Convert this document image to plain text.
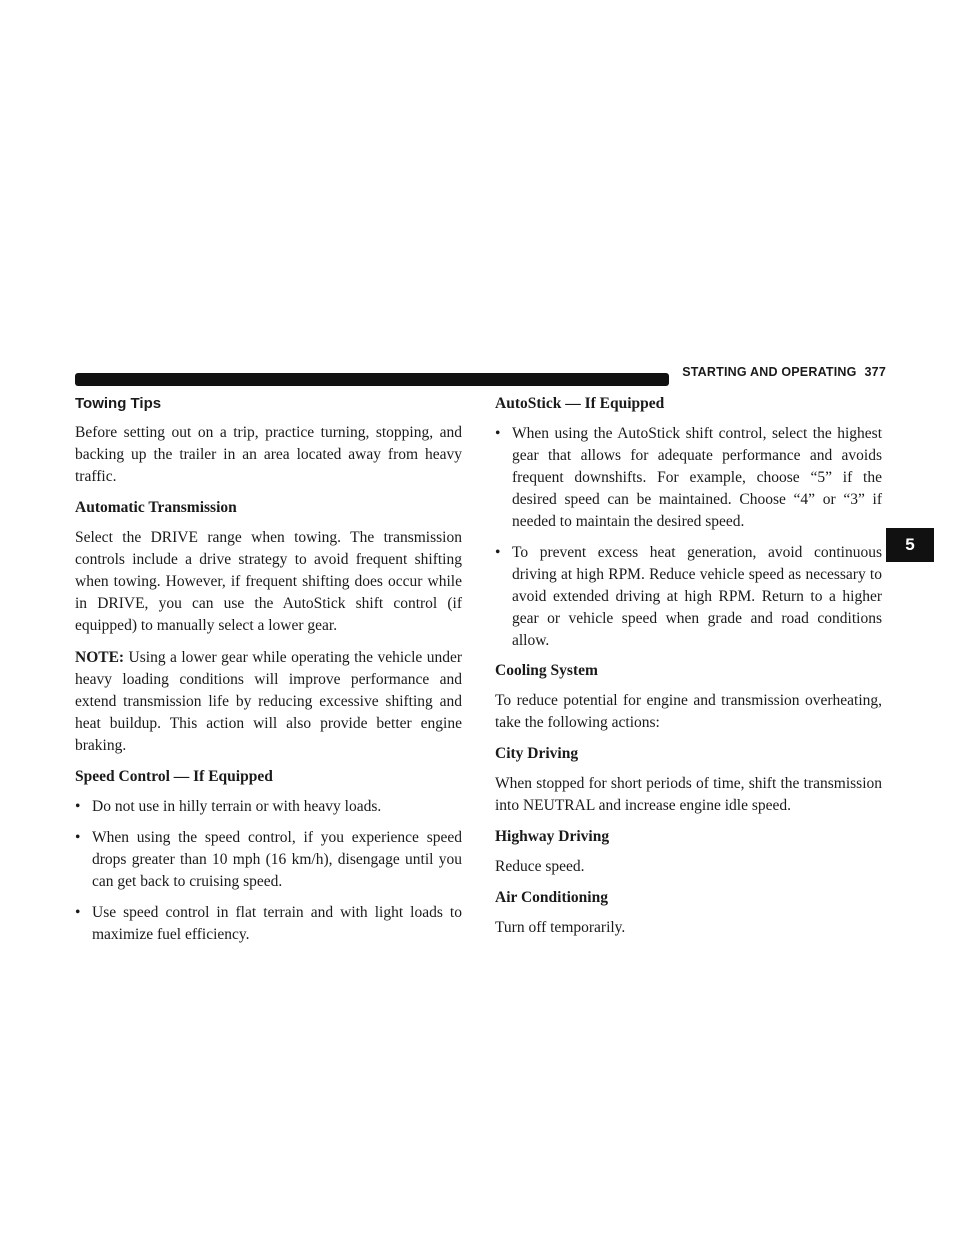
STARTING AND OPERATING 377
5
Towing Tips

Before setting out on a trip, practice turning, stopping, and backing up the trailer in an area located away from heavy traffic.

Automatic Transmission

Select the DRIVE range when towing. The transmission controls include a drive strategy to avoid frequent shifting when towing. However, if frequent shifting does occur while in DRIVE, you can use the AutoStick shift control (if equipped) to manually select a lower gear.

NOTE: Using a lower gear while operating the vehicle under heavy loading conditions will improve performance and extend transmission life by reducing excessive shifting and heat buildup. This action will also provide better engine braking.

Speed Control — If Equipped
• Do not use in hilly terrain or with heavy loads.
• When using the speed control, if you experience speed drops greater than 10 mph (16 km/h), disengage until you can get back to cruising speed.
• Use speed control in flat terrain and with light loads to maximize fuel efficiency.
AutoStick — If Equipped
• When using the AutoStick shift control, select the highest gear that allows for adequate performance and avoids frequent downshifts. For example, choose “5” if the desired speed can be maintained. Choose “4” or “3” if needed to maintain the desired speed.
• To prevent excess heat generation, avoid continuous driving at high RPM. Reduce vehicle speed as necessary to avoid extended driving at high RPM. Return to a higher gear or vehicle speed when grade and road conditions allow.
Cooling System

To reduce potential for engine and transmission overheating, take the following actions:

City Driving

When stopped for short periods of time, shift the transmission into NEUTRAL and increase engine idle speed.

Highway Driving

Reduce speed.

Air Conditioning

Turn off temporarily.
